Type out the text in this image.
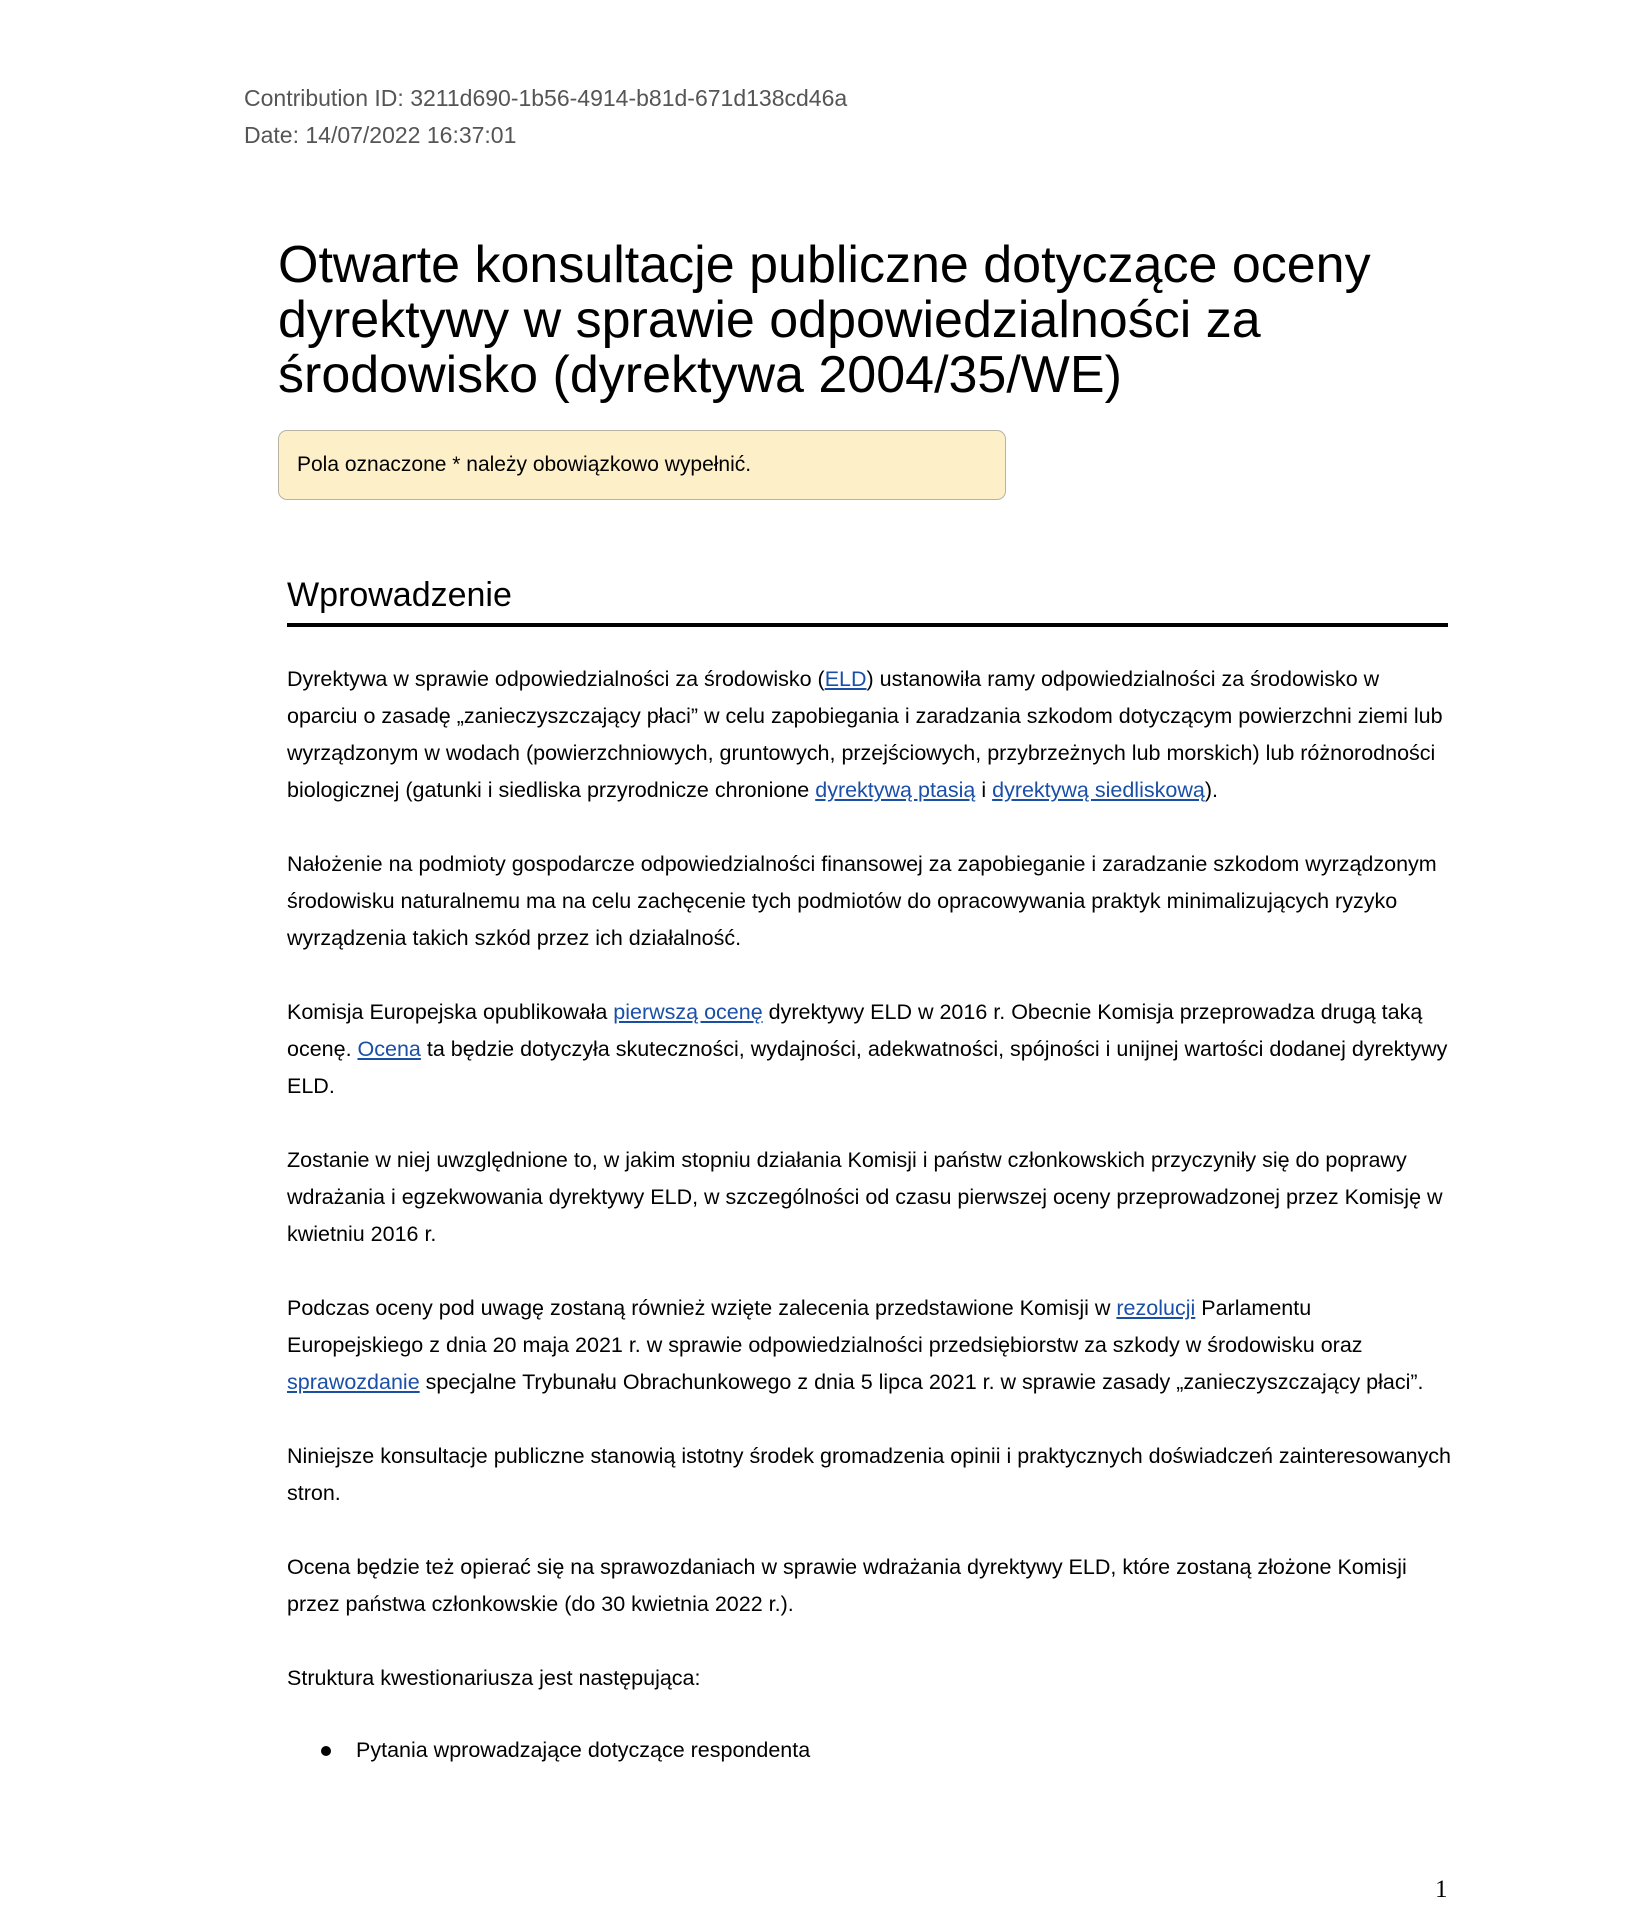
Contribution ID: 3211d690-1b56-4914-b81d-671d138cd46a
Date: 14/07/2022 16:37:01
Otwarte konsultacje publiczne dotyczące oceny dyrektywy w sprawie odpowiedzialności za środowisko (dyrektywa 2004/35/WE)
Pola oznaczone * należy obowiązkowo wypełnić.
Wprowadzenie

Dyrektywa w sprawie odpowiedzialności za środowisko (ELD) ustanowiła ramy odpowiedzialności za środowisko w oparciu o zasadę „zanieczyszczający płaci” w celu zapobiegania i zaradzania szkodom dotyczącym powierzchni ziemi lub wyrządzonym w wodach (powierzchniowych, gruntowych, przejściowych, przybrzeżnych lub morskich) lub różnorodności biologicznej (gatunki i siedliska przyrodnicze chronione dyrektywą ptasią i dyrektywą siedliskową).

Nałożenie na podmioty gospodarcze odpowiedzialności finansowej za zapobieganie i zaradzanie szkodom wyrządzonym środowisku naturalnemu ma na celu zachęcenie tych podmiotów do opracowywania praktyk minimalizujących ryzyko wyrządzenia takich szkód przez ich działalność.

Komisja Europejska opublikowała pierwszą ocenę dyrektywy ELD w 2016 r. Obecnie Komisja przeprowadza drugą taką ocenę. Ocena ta będzie dotyczyła skuteczności, wydajności, adekwatności, spójności i unijnej wartości dodanej dyrektywy ELD.

Zostanie w niej uwzględnione to, w jakim stopniu działania Komisji i państw członkowskich przyczyniły się do poprawy wdrażania i egzekwowania dyrektywy ELD, w szczególności od czasu pierwszej oceny przeprowadzonej przez Komisję w kwietniu 2016 r.

Podczas oceny pod uwagę zostaną również wzięte zalecenia przedstawione Komisji w rezolucji Parlamentu Europejskiego z dnia 20 maja 2021 r. w sprawie odpowiedzialności przedsiębiorstw za szkody w środowisku oraz sprawozdanie specjalne Trybunału Obrachunkowego z dnia 5 lipca 2021 r. w sprawie zasady „zanieczyszczający płaci”.

Niniejsze konsultacje publiczne stanowią istotny środek gromadzenia opinii i praktycznych doświadczeń zainteresowanych stron.

Ocena będzie też opierać się na sprawozdaniach w sprawie wdrażania dyrektywy ELD, które zostaną złożone Komisji przez państwa członkowskie (do 30 kwietnia 2022 r.).

Struktura kwestionariusza jest następująca:

Pytania wprowadzające dotyczące respondenta
1
